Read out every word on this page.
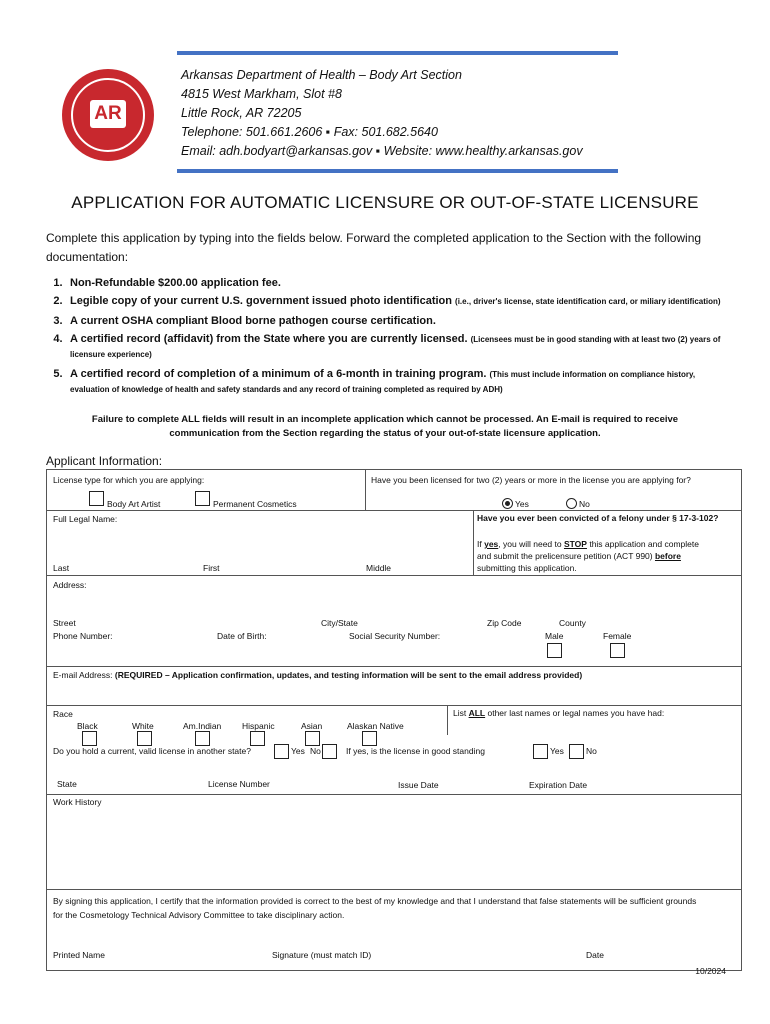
AR
Arkansas Department of Health – Body Art Section
4815 West Markham, Slot #8
Little Rock, AR 72205
Telephone: 501.661.2606 ▪ Fax: 501.682.5640
Email: adh.bodyart@arkansas.gov ▪ Website: www.healthy.arkansas.gov
APPLICATION FOR AUTOMATIC LICENSURE OR OUT-OF-STATE LICENSURE
Complete this application by typing into the fields below. Forward the completed application to the Section with the following documentation:
1. Non-Refundable $200.00 application fee.
2. Legible copy of your current U.S. government issued photo identification (i.e., driver's license, state identification card, or miliary identification)
3. A current OSHA compliant Blood borne pathogen course certification.
4. A certified record (affidavit) from the State where you are currently licensed. (Licensees must be in good standing with at least two (2) years of licensure experience)
5. A certified record of completion of a minimum of a 6-month in training program. (This must include information on compliance history, evaluation of knowledge of health and safety standards and any record of training completed as required by ADH)
Failure to complete ALL fields will result in an incomplete application which cannot be processed. An E-mail is required to receive communication from the Section regarding the status of your out-of-state licensure application.
Applicant Information:
License type for which you are applying:
Body Art Artist	Permanent Cosmetics
Have you been licensed for two (2) years or more in the license you are applying for?
Yes	No
Full Legal Name:	Have you ever been convicted of a felony under § 17-3-102?
If yes, you will need to STOP this application and complete
and submit the prelicensure petition (ACT 990) before
submitting this application.
Last	First	Middle
Address:
Street	City/State	Zip Code	County
Phone Number:	Date of Birth:	Social Security Number:	Male	Female
E-mail Address: (REQUIRED – Application confirmation, updates, and testing information will be sent to the email address provided)
Race
Black	White	Am.Indian Hispanic	Asian	Alaskan Native
List ALL other last names or legal names you have had:
Do you hold a current, valid license in another state?	Yes No	If yes, is the license in good standing	Yes	No
State	License Number	Issue Date	Expiration Date
Work History
By signing this application, I certify that the information provided is correct to the best of my knowledge and that I understand that false statements will be sufficient grounds for the Cosmetology Technical Advisory Committee to take disciplinary action.
Printed Name	Signature (must match ID)	Date
10/2024
